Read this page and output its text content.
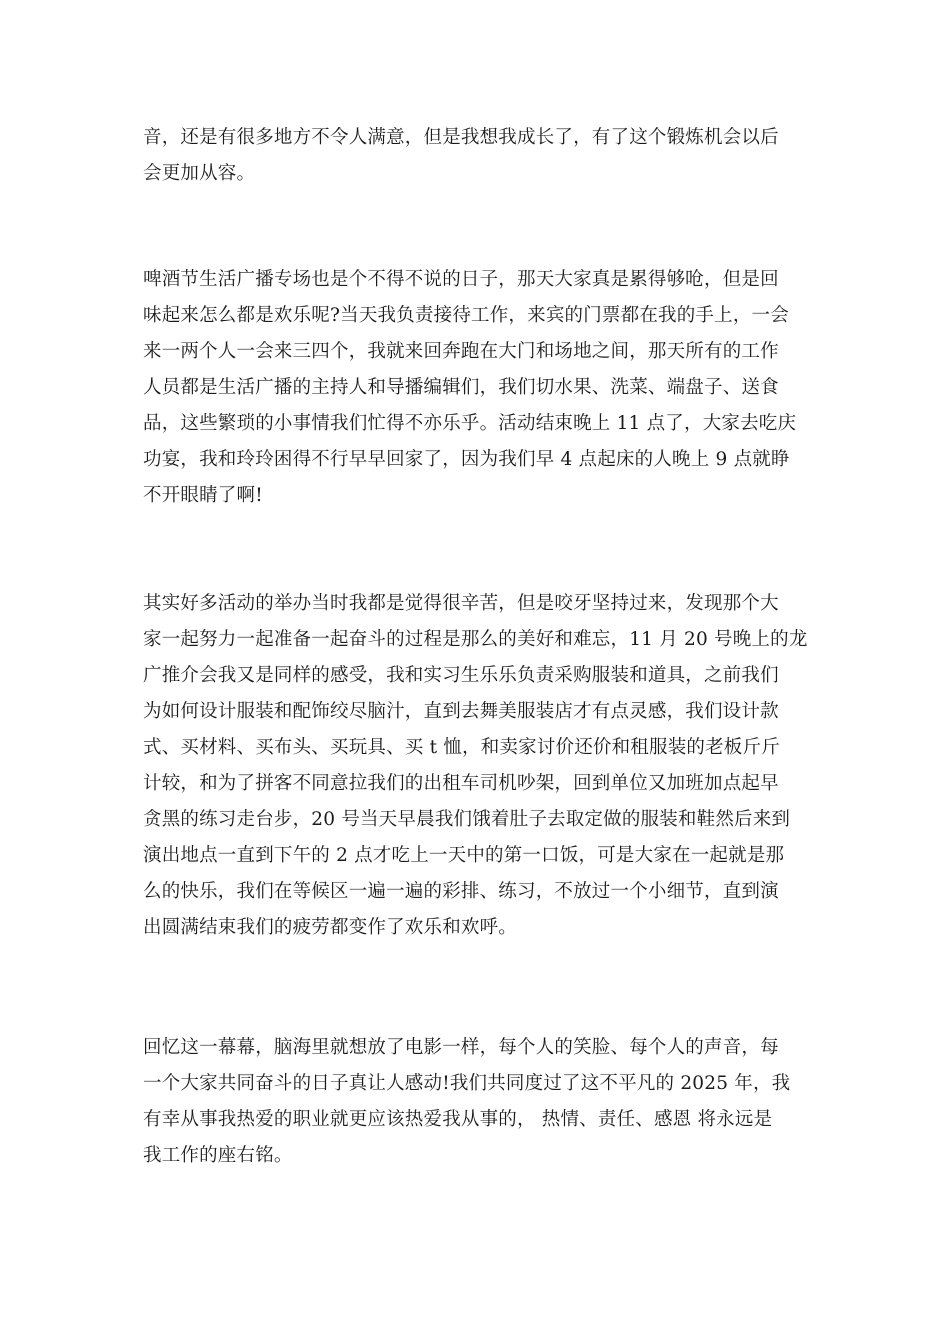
音，还是有很多地方不令人满意，但是我想我成长了，有了这个锻炼机会以后
会更加从容。
啤酒节生活广播专场也是个不得不说的日子，那天大家真是累得够呛，但是回
味起来怎么都是欢乐呢?当天我负责接待工作，来宾的门票都在我的手上，一会
来一两个人一会来三四个，我就来回奔跑在大门和场地之间，那天所有的工作
人员都是生活广播的主持人和导播编辑们，我们切水果、洗菜、端盘子、送食
品，这些繁琐的小事情我们忙得不亦乐乎。活动结束晚上 11 点了，大家去吃庆
功宴，我和玲玲困得不行早早回家了，因为我们早 4 点起床的人晚上 9 点就睁
不开眼睛了啊!
其实好多活动的举办当时我都是觉得很辛苦，但是咬牙坚持过来，发现那个大
家一起努力一起准备一起奋斗的过程是那么的美好和难忘，11 月 20 号晚上的龙
广推介会我又是同样的感受，我和实习生乐乐负责采购服装和道具，之前我们
为如何设计服装和配饰绞尽脑汁，直到去舞美服装店才有点灵感，我们设计款
式、买材料、买布头、买玩具、买 t 恤，和卖家讨价还价和租服装的老板斤斤
计较，和为了拼客不同意拉我们的出租车司机吵架，回到单位又加班加点起早
贪黑的练习走台步，20 号当天早晨我们饿着肚子去取定做的服装和鞋然后来到
演出地点一直到下午的 2 点才吃上一天中的第一口饭，可是大家在一起就是那
么的快乐，我们在等候区一遍一遍的彩排、练习，不放过一个小细节，直到演
出圆满结束我们的疲劳都变作了欢乐和欢呼。
回忆这一幕幕，脑海里就想放了电影一样，每个人的笑脸、每个人的声音，每
一个大家共同奋斗的日子真让人感动!我们共同度过了这不平凡的 2025 年，我
有幸从事我热爱的职业就更应该热爱我从事的， 热情、责任、感恩 将永远是
我工作的座右铭。
